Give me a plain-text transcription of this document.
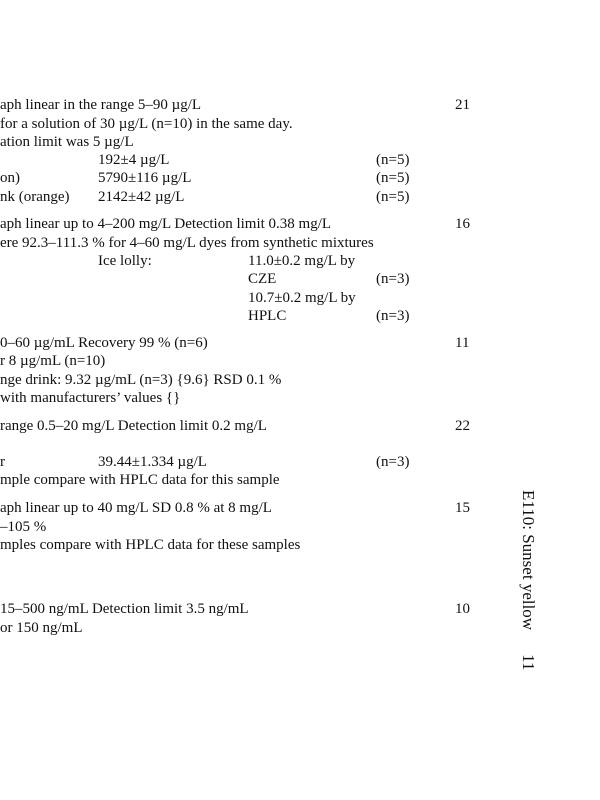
aph linear in the range 5–90 µg/L	21
for a solution of 30 µg/L (n=10) in the same day.
ation limit was 5 µg/L
192±4 µg/L	(n=5)
on)	5790±116 µg/L	(n=5)
nk (orange) 2142±42 µg/L	(n=5)
aph linear up to 4–200 mg/L Detection limit 0.38 mg/L	16
ere 92.3–111.3 % for 4–60 mg/L dyes from synthetic mixtures
Ice lolly:	11.0±0.2 mg/L by
CZE	(n=3)
10.7±0.2 mg/L by
HPLC	(n=3)
0–60 µg/mL Recovery 99 % (n=6)	11
r 8 µg/mL (n=10)
nge drink: 9.32 µg/mL (n=3) {9.6} RSD 0.1 %
with manufacturers’ values {}
range 0.5–20 mg/L Detection limit 0.2 mg/L	22
r	39.44±1.334 µg/L	(n=3)
mple compare with HPLC data for this sample
aph linear up to 40 mg/L SD 0.8 % at 8 mg/L	15
–105 %
mples compare with HPLC data for these samples
15–500 ng/mL Detection limit 3.5 ng/mL	10
or 150 ng/mL	E110: Sunset yellow11
